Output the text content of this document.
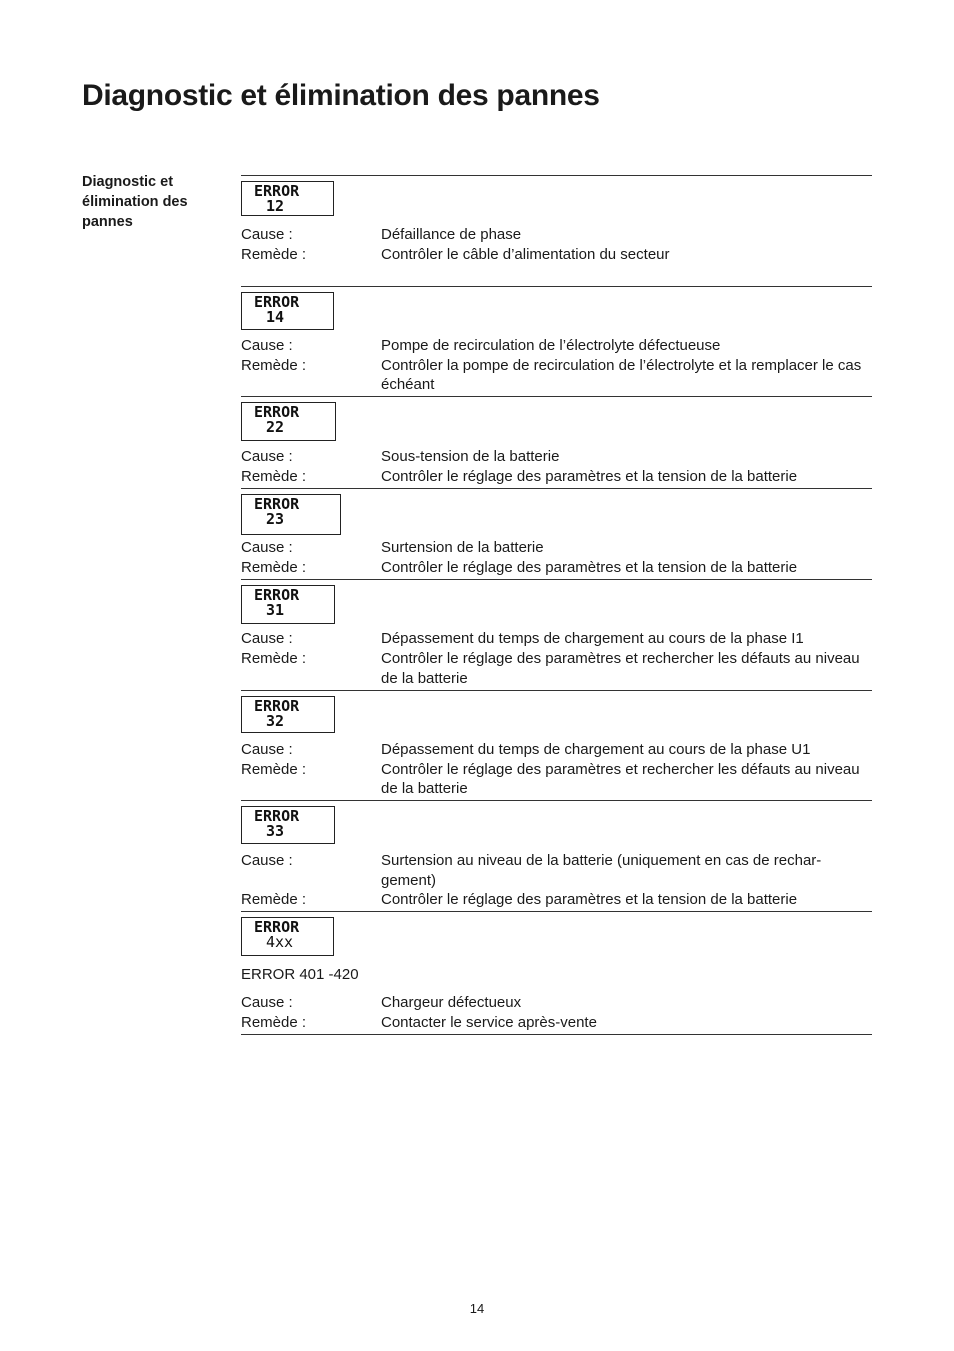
Diagnostic et élimination des pannes
Diagnostic et élimination des pannes
ERROR
12
Cause :	Défaillance de phase
Remède :	Contrôler le câble d’alimentation du secteur
ERROR
14
Cause :	Pompe de recirculation de l’électrolyte défectueuse
Remède :	Contrôler la pompe de recirculation de l’électrolyte et la remplacer le cas échéant
ERROR
22
Cause :	Sous-tension de la batterie
Remède :	Contrôler le réglage des paramètres et la tension de la batterie
ERROR
23
Cause :	Surtension de la batterie
Remède :	Contrôler le réglage des paramètres et la tension de la batterie
ERROR
31
Cause :	Dépassement du temps de chargement au cours de la phase I1
Remède :	Contrôler le réglage des paramètres et rechercher les défauts au niveau de la batterie
ERROR
32
Cause :	Dépassement du temps de chargement au cours de la phase U1
Remède :	Contrôler le réglage des paramètres et rechercher les défauts au niveau de la batterie
ERROR
33
Cause :	Surtension au niveau de la batterie (uniquement en cas de rechar-gement)
Remède :	Contrôler le réglage des paramètres et la tension de la batterie
ERROR
4xx
ERROR 401 -420
Cause :	Chargeur défectueux
Remède :	Contacter le service après-vente
14
